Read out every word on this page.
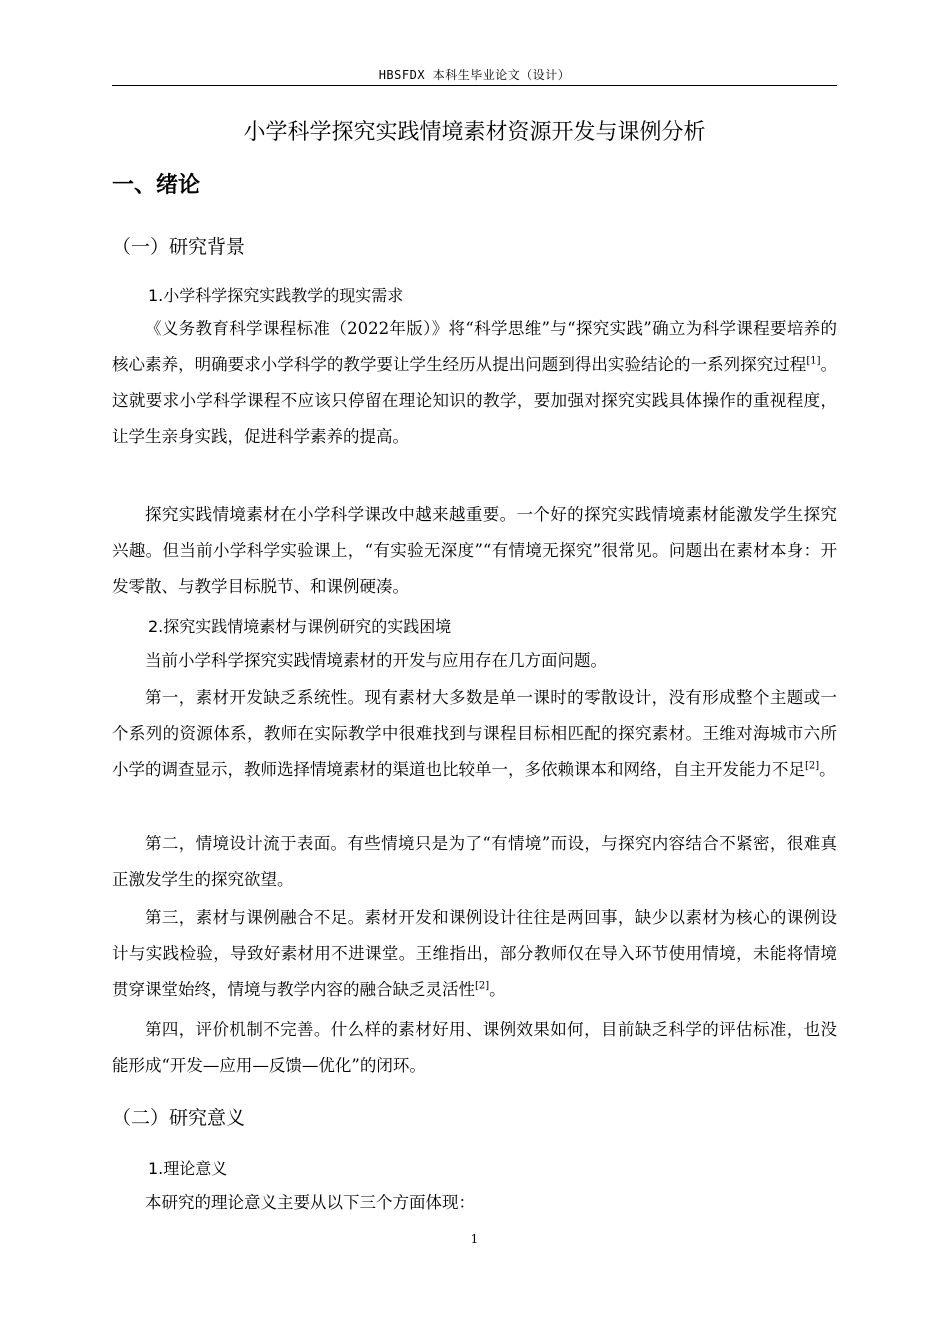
HBSFDX 本科生毕业论文（设计）
小学科学探究实践情境素材资源开发与课例分析
一、绪论
（一）研究背景
1.小学科学探究实践教学的现实需求
《义务教育科学课程标准（2022年版）》将“科学思维”与“探究实践”确立为科学课程要培养的核心素养，明确要求小学科学的教学要让学生经历从提出问题到得出实验结论的一系列探究过程[1]。这就要求小学科学课程不应该只停留在理论知识的教学，要加强对探究实践具体操作的重视程度，让学生亲身实践，促进科学素养的提高。
探究实践情境素材在小学科学课改中越来越重要。一个好的探究实践情境素材能激发学生探究兴趣。但当前小学科学实验课上，“有实验无深度”“有情境无探究”很常见。问题出在素材本身：开发零散、与教学目标脱节、和课例硬凑。
2.探究实践情境素材与课例研究的实践困境
当前小学科学探究实践情境素材的开发与应用存在几方面问题。
第一，素材开发缺乏系统性。现有素材大多数是单一课时的零散设计，没有形成整个主题或一个系列的资源体系，教师在实际教学中很难找到与课程目标相匹配的探究素材。王维对海城市六所小学的调查显示，教师选择情境素材的渠道也比较单一，多依赖课本和网络，自主开发能力不足[2]。
第二，情境设计流于表面。有些情境只是为了“有情境”而设，与探究内容结合不紧密，很难真正激发学生的探究欲望。
第三，素材与课例融合不足。素材开发和课例设计往往是两回事，缺少以素材为核心的课例设计与实践检验，导致好素材用不进课堂。王维指出，部分教师仅在导入环节使用情境，未能将情境贯穿课堂始终，情境与教学内容的融合缺乏灵活性[2]。
第四，评价机制不完善。什么样的素材好用、课例效果如何，目前缺乏科学的评估标准，也没能形成“开发—应用—反馈—优化”的闭环。
（二）研究意义
1.理论意义
本研究的理论意义主要从以下三个方面体现：
1
